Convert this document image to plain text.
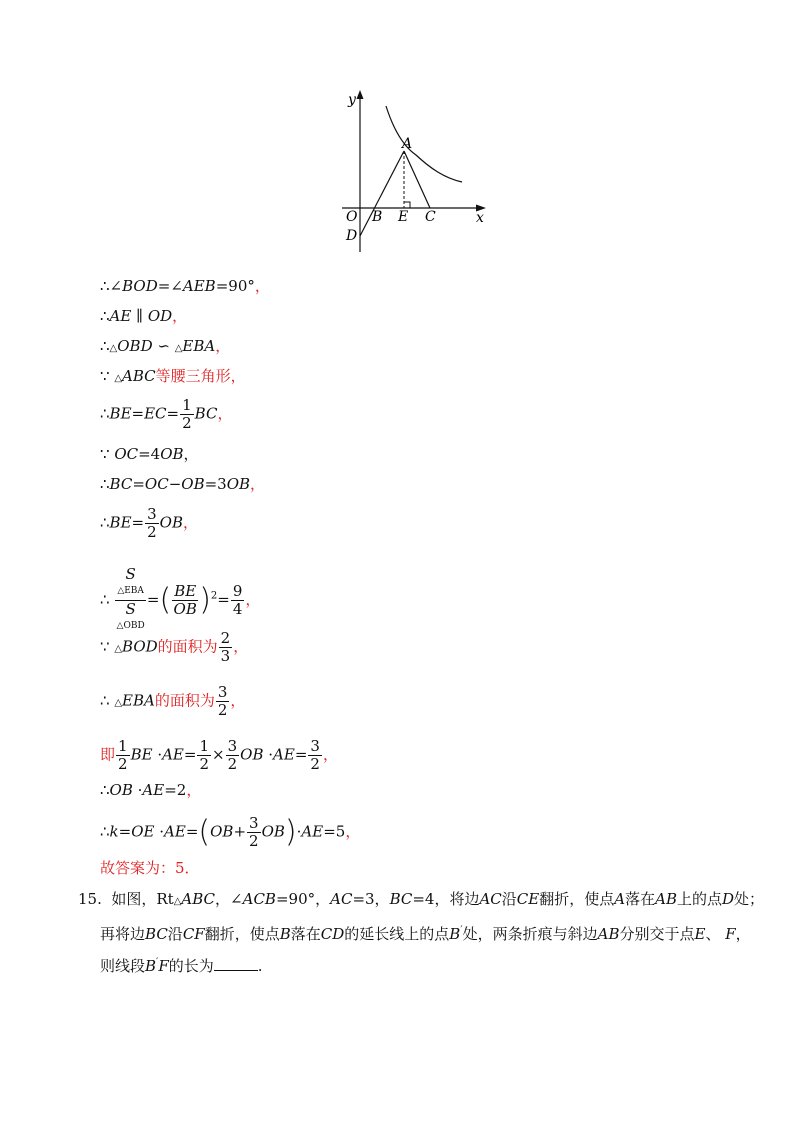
y
x
A
O B E C
D
∴∠BOD=∠AEB=90°，
∴AE ∥ OD，
∴△OBD ∽ △EBA，
∵ △ABC等腰三角形，
∴BE=EC= $\frac{1}{2}$ BC，
∵ OC=4OB，
∴BC=OC−OB=3OB，
∴BE= $\frac{3}{2}$ OB，
∴ S
△EBA
S
△OBD =( $\frac{BE}{OB} )^2= \frac{9}{4}$ ，
∵ △BOD的面积为 $\frac{2}{3}$ ，
∴ △EBA的面积为 $\frac{3}{2}$ ，
即 $\frac{1}{2}$ BE $\cdot AE= \frac{1}{2} \times \frac{3}{2}$ OB $\cdot AE= \frac{3}{2}$ ，
∴OB ·AE=2，
∴k=OE $\cdot AE=(OB+ \frac{3}{2} OB)\cdot AE=5$，
故答案为：5．
15.  如图，Rt△ABC，∠ACB=90°，AC=3，BC=4，将边AC沿CE翻折，使点A落在AB上的点D处；
再将边BC沿CF翻折，使点B落在CD的延长线上的点B′处，两条折痕与斜边AB分别交于点E、 F，
则线段B′F的长为	.
